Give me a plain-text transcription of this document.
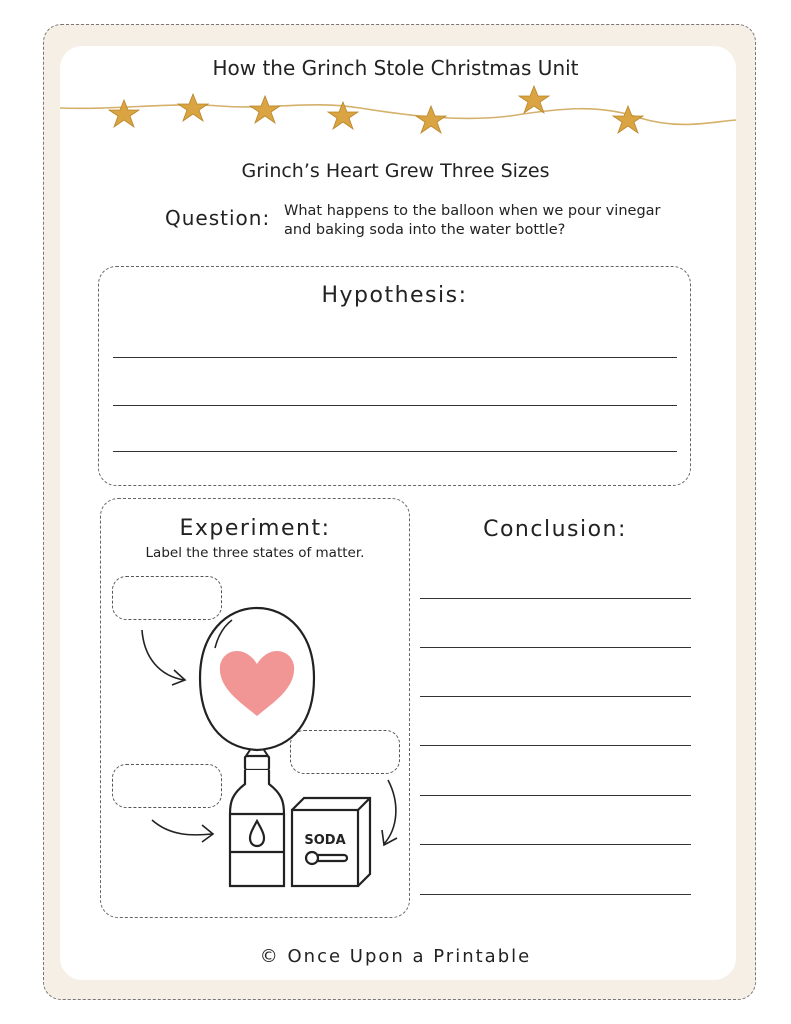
How the Grinch Stole Christmas Unit
Grinch’s Heart Grew Three Sizes
Question: What happens to the balloon when we pour vinegar
and baking soda into the water bottle?
Hypothesis:
Experiment:
Label the three states of matter.
SODA
Conclusion:
© Once Upon a Printable
